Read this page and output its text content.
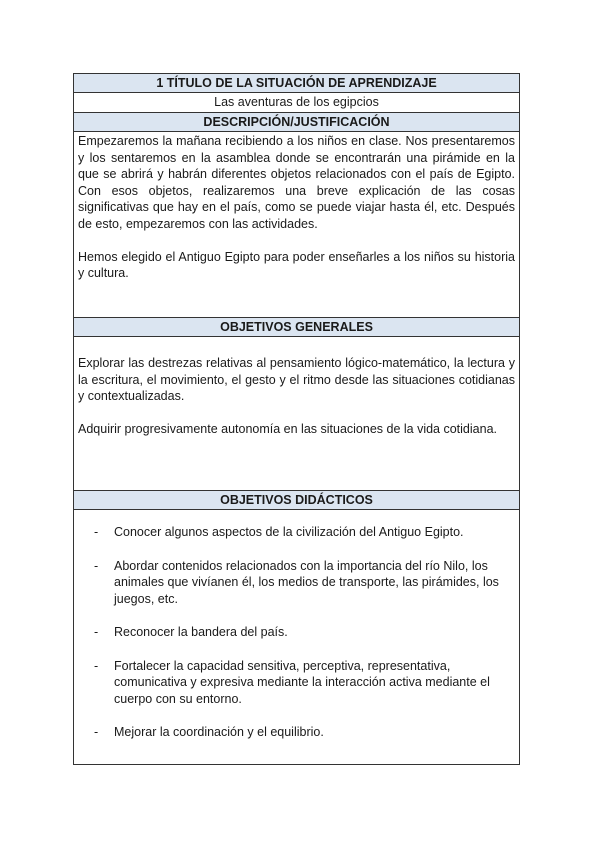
1 TÍTULO DE LA SITUACIÓN DE APRENDIZAJE
Las aventuras de los egipcios
DESCRIPCIÓN/JUSTIFICACIÓN

Empezaremos la mañana recibiendo a los niños en clase. Nos presentaremos y los sentaremos en la asamblea donde se encontrarán una pirámide en la que se abrirá y habrán diferentes objetos relacionados con el país de Egipto. Con esos objetos, realizaremos una breve explicación de las cosas significativas que hay en el país, como se puede viajar hasta él, etc. Después de esto, empezaremos con las actividades.

Hemos elegido el Antiguo Egipto para poder enseñarles a los niños su historia y cultura.

OBJETIVOS GENERALES

Explorar las destrezas relativas al pensamiento lógico-matemático, la lectura y la escritura, el movimiento, el gesto y el ritmo desde las situaciones cotidianas y contextualizadas.

Adquirir progresivamente autonomía en las situaciones de la vida cotidiana.

OBJETIVOS DIDÁCTICOS
- Conocer algunos aspectos de la civilización del Antiguo Egipto.
- Abordar contenidos relacionados con la importancia del río Nilo, los animales que vivíanen él, los medios de transporte, las pirámides, los juegos, etc.
- Reconocer la bandera del país.
- Fortalecer la capacidad sensitiva, perceptiva, representativa, comunicativa y expresiva mediante la interacción activa mediante el cuerpo con su entorno.
- Mejorar la coordinación y el equilibrio.
